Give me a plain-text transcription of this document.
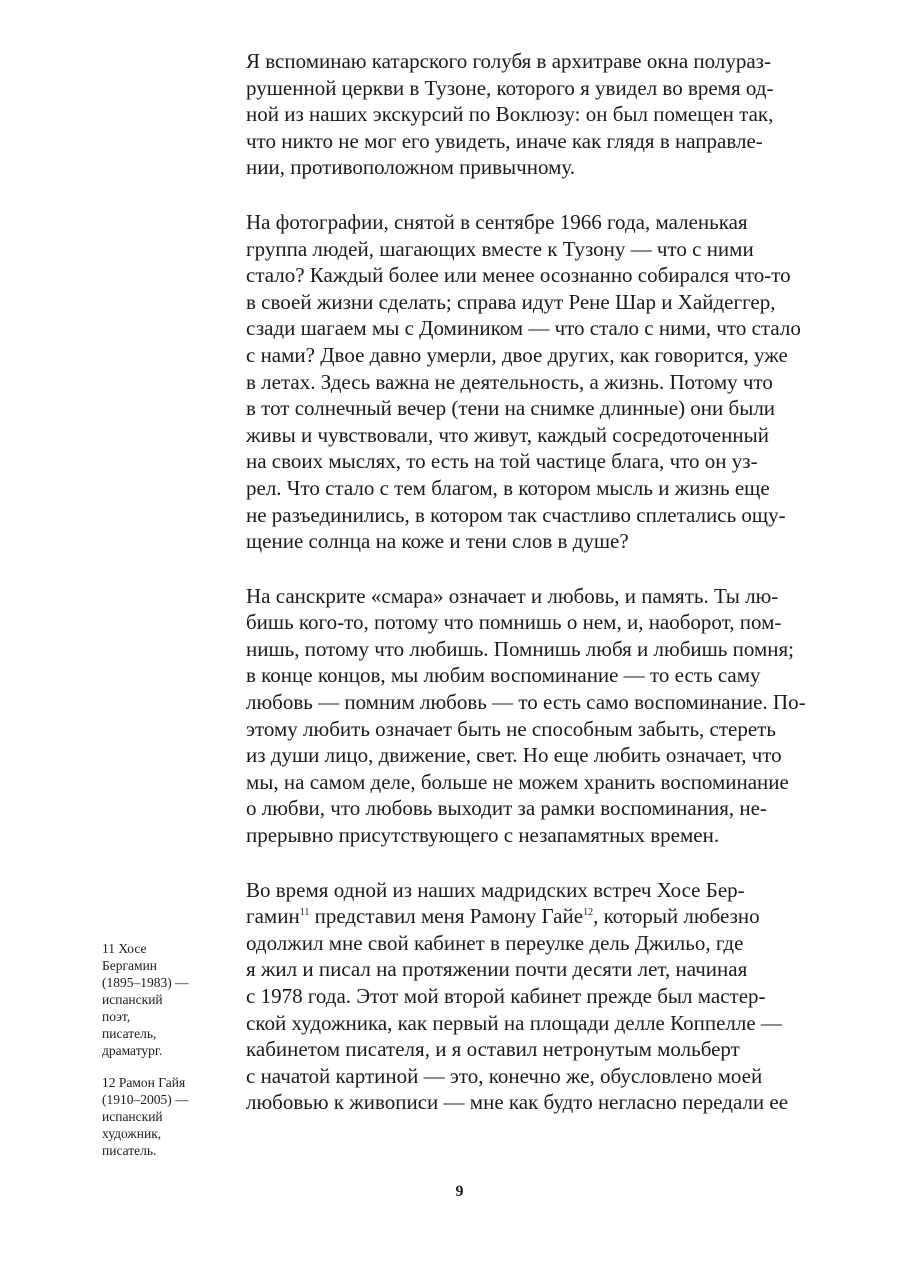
Я вспоминаю катарского голубя в архитраве окна полураз-
рушенной церкви в Тузоне, которого я увидел во время од-
ной из наших экскурсий по Воклюзу: он был помещен так,
что никто не мог его увидеть, иначе как глядя в направле-
нии, противоположном привычному.
На фотографии, снятой в сентябре 1966 года, маленькая
группа людей, шагающих вместе к Тузону — что с ними
стало? Каждый более или менее осознанно собирался что-то
в своей жизни сделать; справа идут Рене Шар и Хайдеггер,
сзади шагаем мы с Домиником — что стало с ними, что стало
с нами? Двое давно умерли, двое других, как говорится, уже
в летах. Здесь важна не деятельность, а жизнь. Потому что
в тот солнечный вечер (тени на снимке длинные) они были
живы и чувствовали, что живут, каждый сосредоточенный
на своих мыслях, то есть на той частице блага, что он уз-
рел. Что стало с тем благом, в котором мысль и жизнь еще
не разъединились, в котором так счастливо сплетались ощу-
щение солнца на коже и тени слов в душе?
На санскрите «смара» означает и любовь, и память. Ты лю-
бишь кого-то, потому что помнишь о нем, и, наоборот, пом-
нишь, потому что любишь. Помнишь любя и любишь помня;
в конце концов, мы любим воспоминание — то есть саму
любовь — помним любовь — то есть само воспоминание. По-
этому любить означает быть не способным забыть, стереть
из души лицо, движение, свет. Но еще любить означает, что
мы, на самом деле, больше не можем хранить воспоминание
о любви, что любовь выходит за рамки воспоминания, не-
прерывно присутствующего с незапамятных времен.
Во время одной из наших мадридских встреч Хосе Бер-
гамин$^{11}$ представил меня Рамону Гайе$^{12}$, который любезно
одолжил мне свой кабинет в переулке дель Джильо, где
я жил и писал на протяжении почти десяти лет, начиная
с 1978 года. Этот мой второй кабинет прежде был мастер-
ской художника, как первый на площади делле Коппелле —
кабинетом писателя, и я оставил нетронутым мольберт
с начатой картиной — это, конечно же, обусловлено моей
любовью к живописи — мне как будто негласно передали ее
11 Хосе
Бергамин
(1895–1983) —
испанский
поэт,
писатель,
драматург.
12 Рамон Гайя
(1910–2005) —
испанский
художник,
писатель.
9
